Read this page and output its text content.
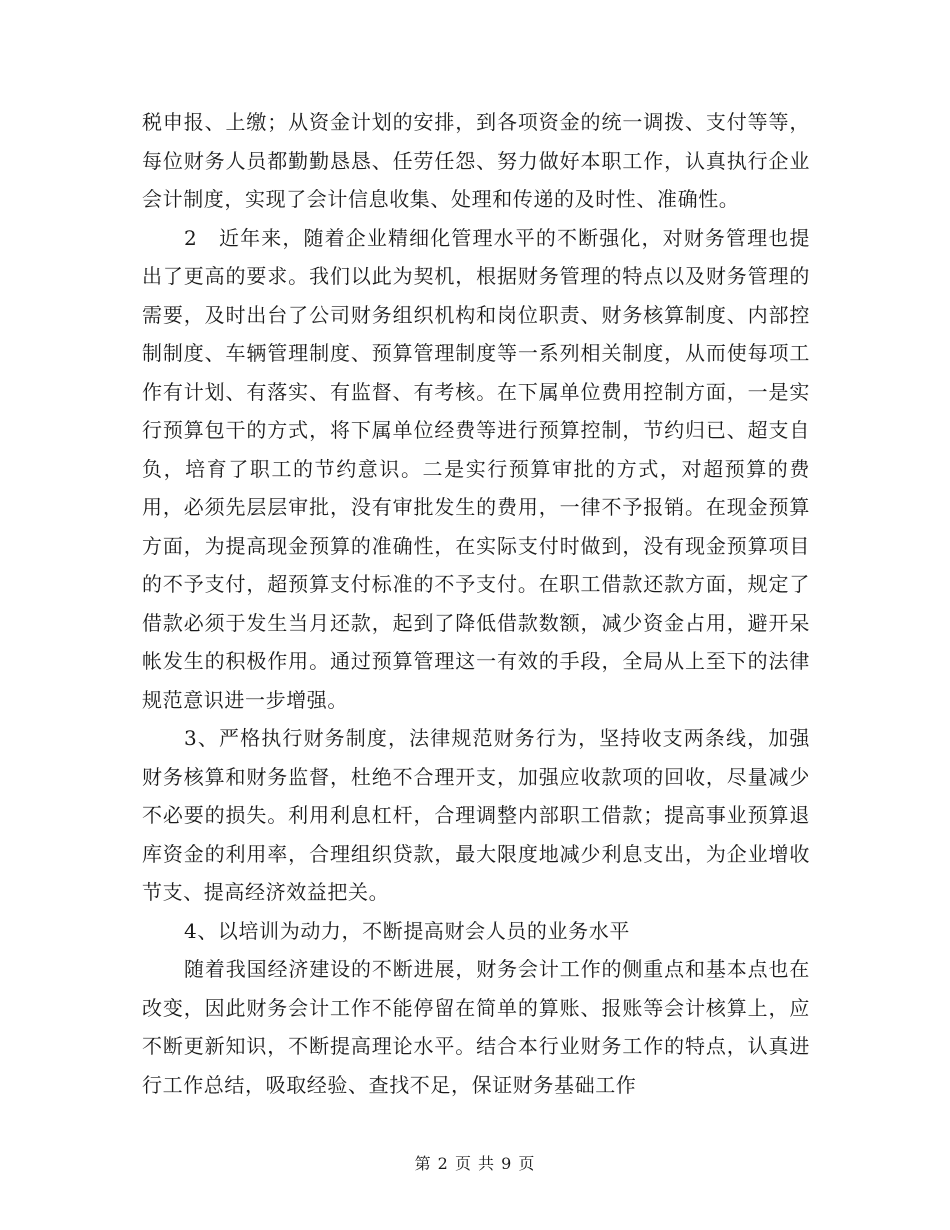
税申报、上缴；从资金计划的安排，到各项资金的统一调拨、支付等等，每位财务人员都勤勤恳恳、任劳任怨、努力做好本职工作，认真执行企业会计制度，实现了会计信息收集、处理和传递的及时性、准确性。

2　近年来，随着企业精细化管理水平的不断强化，对财务管理也提出了更高的要求。我们以此为契机，根据财务管理的特点以及财务管理的需要，及时出台了公司财务组织机构和岗位职责、财务核算制度、内部控制制度、车辆管理制度、预算管理制度等一系列相关制度，从而使每项工作有计划、有落实、有监督、有考核。在下属单位费用控制方面，一是实行预算包干的方式，将下属单位经费等进行预算控制，节约归已、超支自负，培育了职工的节约意识。二是实行预算审批的方式，对超预算的费用，必须先层层审批，没有审批发生的费用，一律不予报销。在现金预算方面，为提高现金预算的准确性，在实际支付时做到，没有现金预算项目的不予支付，超预算支付标准的不予支付。在职工借款还款方面，规定了借款必须于发生当月还款，起到了降低借款数额，减少资金占用，避开呆帐发生的积极作用。通过预算管理这一有效的手段，全局从上至下的法律规范意识进一步增强。

3、严格执行财务制度，法律规范财务行为，坚持收支两条线，加强财务核算和财务监督，杜绝不合理开支，加强应收款项的回收，尽量减少不必要的损失。利用利息杠杆，合理调整内部职工借款；提高事业预算退库资金的利用率，合理组织贷款，最大限度地减少利息支出，为企业增收节支、提高经济效益把关。

4、以培训为动力，不断提高财会人员的业务水平

随着我国经济建设的不断进展，财务会计工作的侧重点和基本点也在改变，因此财务会计工作不能停留在简单的算账、报账等会计核算上，应不断更新知识，不断提高理论水平。结合本行业财务工作的特点，认真进行工作总结，吸取经验、查找不足，保证财务基础工作

第 2 页 共 9 页
